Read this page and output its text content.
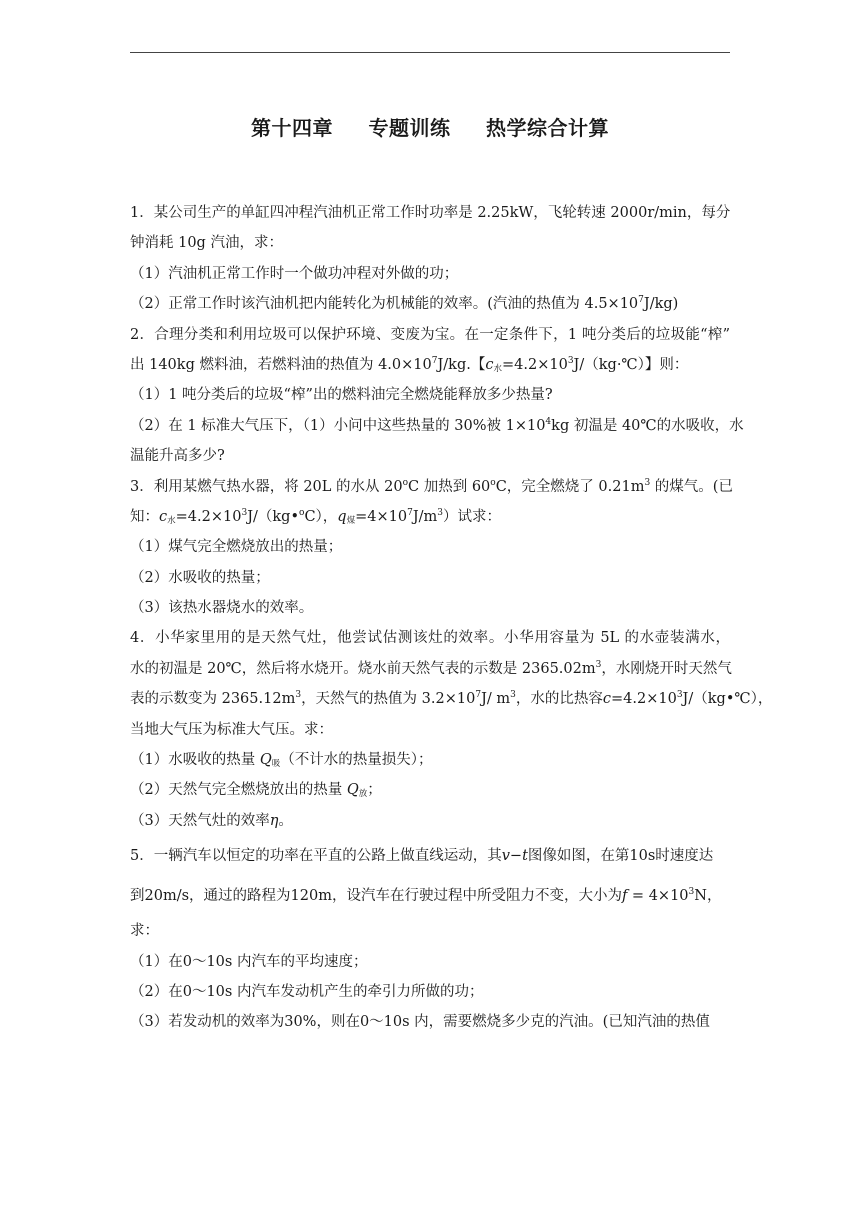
第十四章 专题训练 热学综合计算
1．某公司生产的单缸四冲程汽油机正常工作时功率是 2.25kW，飞轮转速 2000r/min，每分
钟消耗 10g 汽油，求：
（1）汽油机正常工作时一个做功冲程对外做的功；
（2）正常工作时该汽油机把内能转化为机械能的效率。(汽油的热值为 $4.5\times 10^7J/kg$)
2．合理分类和利用垃圾可以保护环境、变废为宝。在一定条件下，1 吨分类后的垃圾能“榨”
出 140kg 燃料油，若燃料油的热值为 $4.0\times 10^7J/kg$.【$c_水=4.2\times 10^3J/(kg\cdot℃)$】则：
（1）1 吨分类后的垃圾“榨”出的燃料油完全燃烧能释放多少热量?
（2）在 1 标准大气压下，（1）小问中这些热量的 30%被 $1\times 10^4kg$ 初温是 40℃的水吸收，水
温能升高多少?
3．利用某燃气热水器，将 20L 的水从 20$^o$C 加热到 60$^o$C，完全燃烧了 $0.21m^3$ 的煤气。(已
知：$c_水=4.2\times 10^3J/(kg•^oC)$，$q_煤=4\times 10^7J/m^3$）试求：
（1）煤气完全燃烧放出的热量；
（2）水吸收的热量；
（3）该热水器烧水的效率。
4．小华家里用的是天然气灶，他尝试估测该灶的效率。小华用容量为 5L 的水壶装满水，
水的初温是 20℃，然后将水烧开。烧水前天然气表的示数是 $2365.02m^3$，水刚烧开时天然气
表的示数变为 $2365.12m^3$，天然气的热值为 $3.2\times 10^7J/$ $m^3$，水的比热容$c=4.2\times 10^3J/(kg•℃)$，
当地大气压为标准大气压。求：
（1）水吸收的热量 $Q_吸$（不计水的热量损失）；
（2）天然气完全燃烧放出的热量 $Q_放$；
（3）天然气灶的效率η。
5．一辆汽车以恒定的功率在平直的公路上做直线运动，其v−t图像如图，在第10s时速度达
到20m/s，通过的路程为120m，设汽车在行驶过程中所受阻力不变，大小为$f = 4\times 10^3N$，
求：
（1）在0～10s 内汽车的平均速度；
（2）在0～10s 内汽车发动机产生的牵引力所做的功；
（3）若发动机的效率为30%，则在0～10s 内，需要燃烧多少克的汽油。(已知汽油的热值
